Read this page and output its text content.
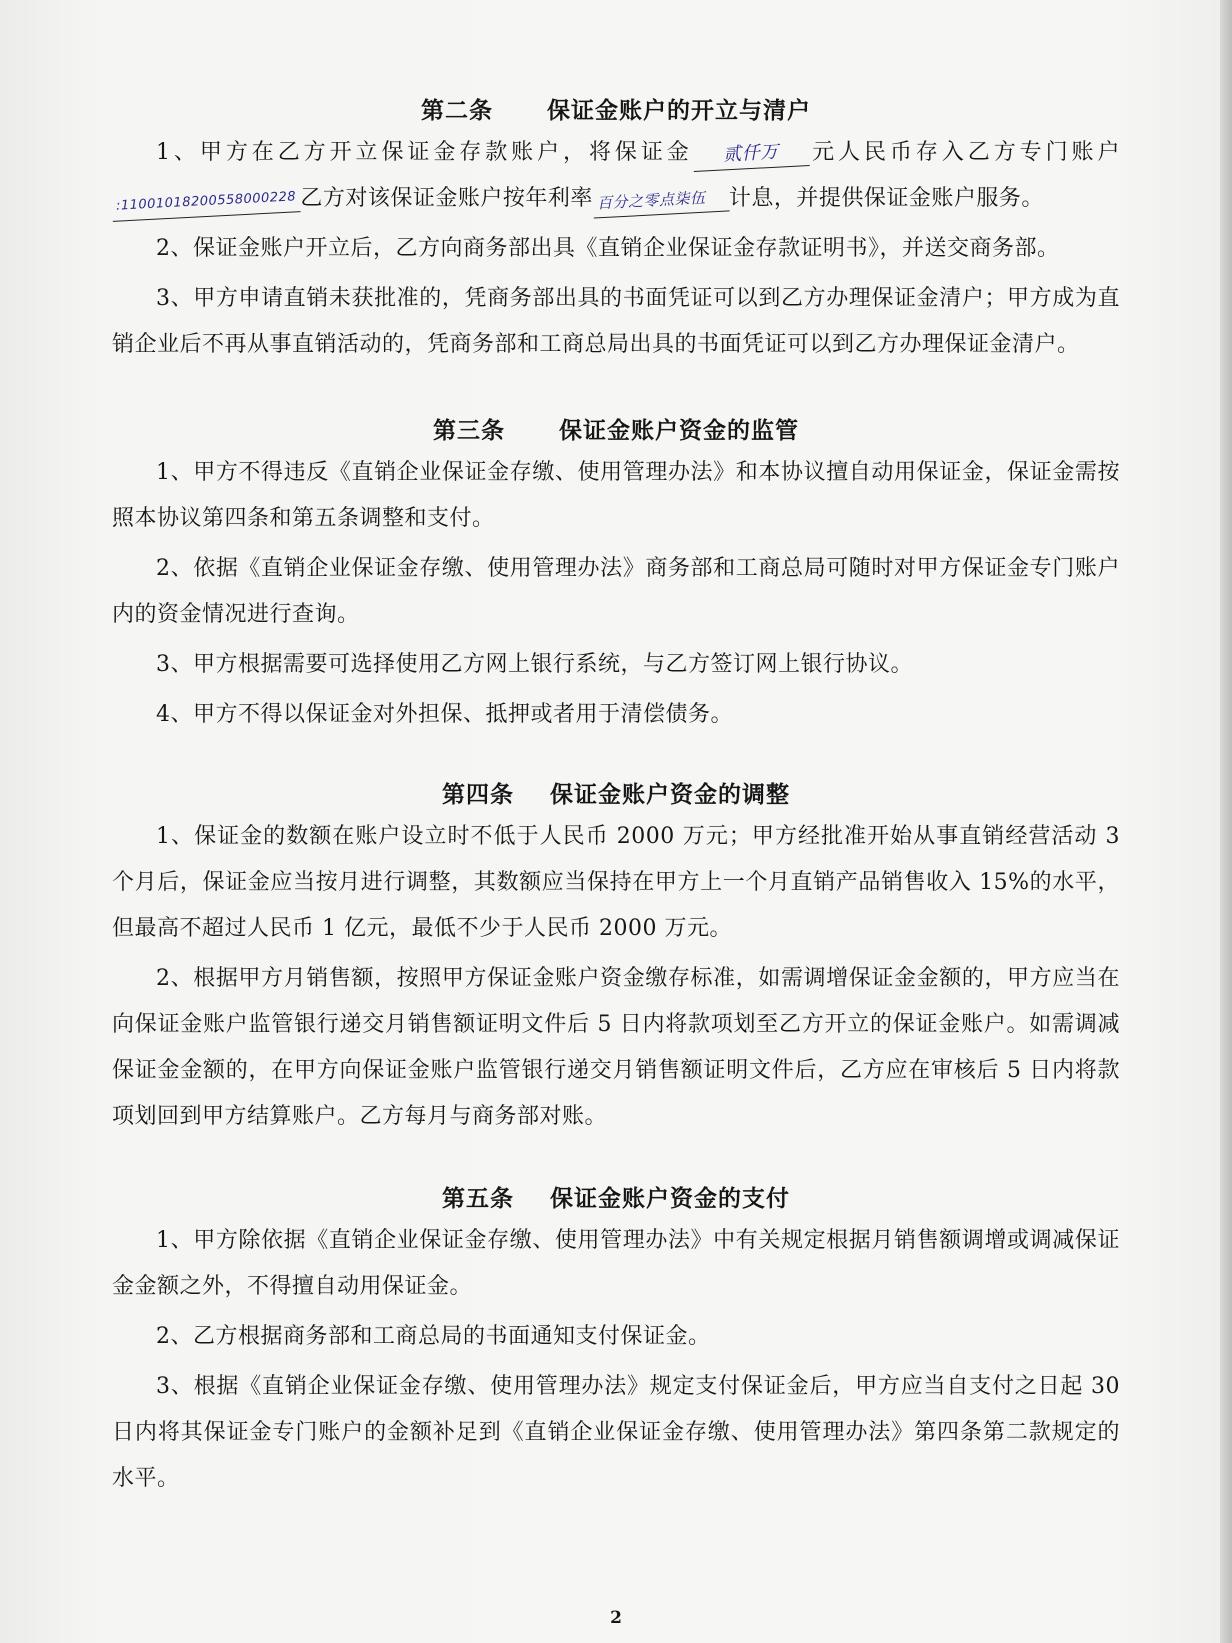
第二条      保证金账户的开立与清户

1、甲方在乙方开立保证金存款账户，将保证金 贰仟万 元人民币存入乙方专门账户:11001018200558000228 乙方对该保证金账户按年利率 百分之零点柒伍 计息，并提供保证金账户服务。

2、保证金账户开立后，乙方向商务部出具《直销企业保证金存款证明书》，并送交商务部。

3、甲方申请直销未获批准的，凭商务部出具的书面凭证可以到乙方办理保证金清户；甲方成为直销企业后不再从事直销活动的，凭商务部和工商总局出具的书面凭证可以到乙方办理保证金清户。

第三条      保证金账户资金的监管

1、甲方不得违反《直销企业保证金存缴、使用管理办法》和本协议擅自动用保证金，保证金需按照本协议第四条和第五条调整和支付。

2、依据《直销企业保证金存缴、使用管理办法》商务部和工商总局可随时对甲方保证金专门账户内的资金情况进行查询。

3、甲方根据需要可选择使用乙方网上银行系统，与乙方签订网上银行协议。

4、甲方不得以保证金对外担保、抵押或者用于清偿债务。

第四条    保证金账户资金的调整

1、保证金的数额在账户设立时不低于人民币 2000 万元；甲方经批准开始从事直销经营活动 3 个月后，保证金应当按月进行调整，其数额应当保持在甲方上一个月直销产品销售收入 15%的水平，但最高不超过人民币 1 亿元，最低不少于人民币 2000 万元。

2、根据甲方月销售额，按照甲方保证金账户资金缴存标准，如需调增保证金金额的，甲方应当在向保证金账户监管银行递交月销售额证明文件后 5 日内将款项划至乙方开立的保证金账户。如需调减保证金金额的，在甲方向保证金账户监管银行递交月销售额证明文件后，乙方应在审核后 5 日内将款项划回到甲方结算账户。乙方每月与商务部对账。

第五条    保证金账户资金的支付

1、甲方除依据《直销企业保证金存缴、使用管理办法》中有关规定根据月销售额调增或调减保证金金额之外，不得擅自动用保证金。

2、乙方根据商务部和工商总局的书面通知支付保证金。

3、根据《直销企业保证金存缴、使用管理办法》规定支付保证金后，甲方应当自支付之日起 30 日内将其保证金专门账户的金额补足到《直销企业保证金存缴、使用管理办法》第四条第二款规定的水平。

2
